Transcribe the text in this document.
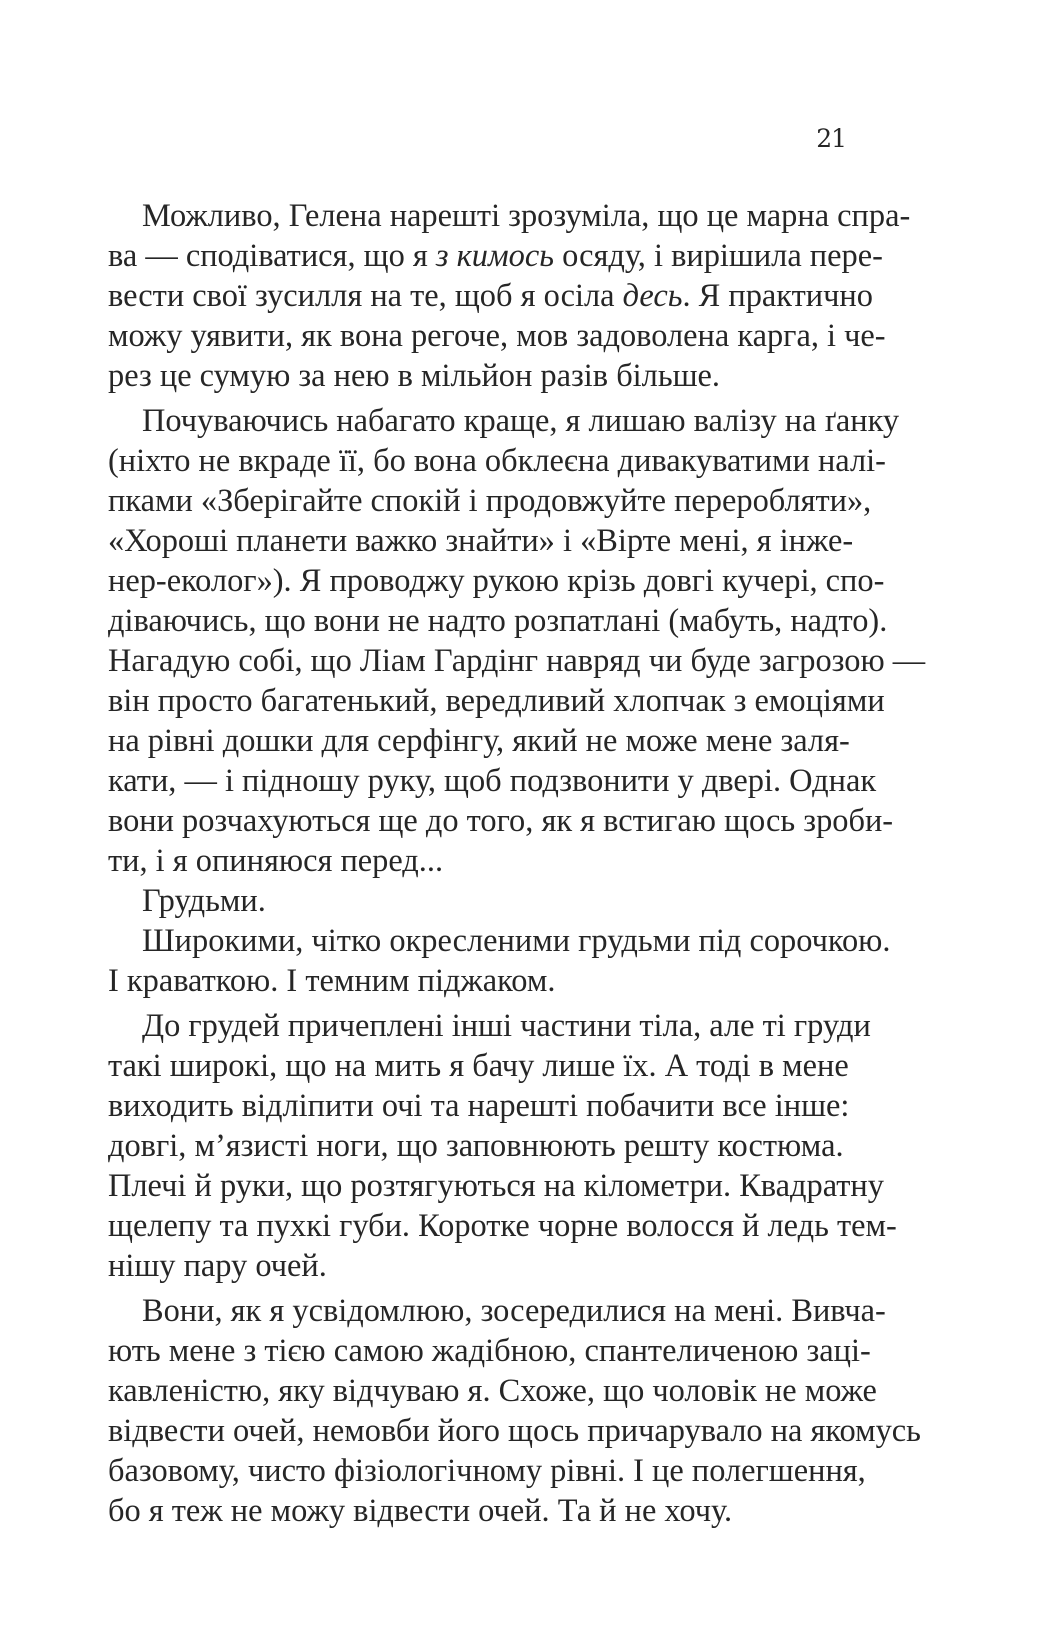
21
Можливо, Гелена нарешті зрозуміла, що це марна спра-
ва — сподіватися, що я з кимось осяду, і вирішила пере-
вести свої зусилля на те, щоб я осіла десь. Я практично
можу уявити, як вона регоче, мов задоволена карга, і че-
рез це сумую за нею в мільйон разів більше.
Почуваючись набагато краще, я лишаю валізу на ґанку
(ніхто не вкраде її, бо вона обклеєна дивакуватими налі-
пками «Зберігайте спокій і продовжуйте переробляти»,
«Хороші планети важко знайти» і «Вірте мені, я інже-
нер-еколог»). Я проводжу рукою крізь довгі кучері, спо-
діваючись, що вони не надто розпатлані (мабуть, надто).
Нагадую собі, що Ліам Гардінг навряд чи буде загрозою —
він просто багатенький, вередливий хлопчак з емоціями
на рівні дошки для серфінгу, який не може мене заля-
кати, — і підношу руку, щоб подзвонити у двері. Однак
вони розчахуються ще до того, як я встигаю щось зроби-
ти, і я опиняюся перед...
Грудьми.
Широкими, чітко окресленими грудьми під сорочкою.
І краваткою. І темним піджаком.
До грудей причеплені інші частини тіла, але ті груди
такі широкі, що на мить я бачу лише їх. А тоді в мене
виходить відліпити очі та нарешті побачити все інше:
довгі, м’язисті ноги, що заповнюють решту костюма.
Плечі й руки, що розтягуються на кілометри. Квадратну
щелепу та пухкі губи. Коротке чорне волосся й ледь тем-
нішу пару очей.
Вони, як я усвідомлюю, зосередилися на мені. Вивча-
ють мене з тією самою жадібною, спантеличеною заці-
кавленістю, яку відчуваю я. Схоже, що чоловік не може
відвести очей, немовби його щось причарувало на якомусь
базовому, чисто фізіологічному рівні. І це полегшення,
бо я теж не можу відвести очей. Та й не хочу.
